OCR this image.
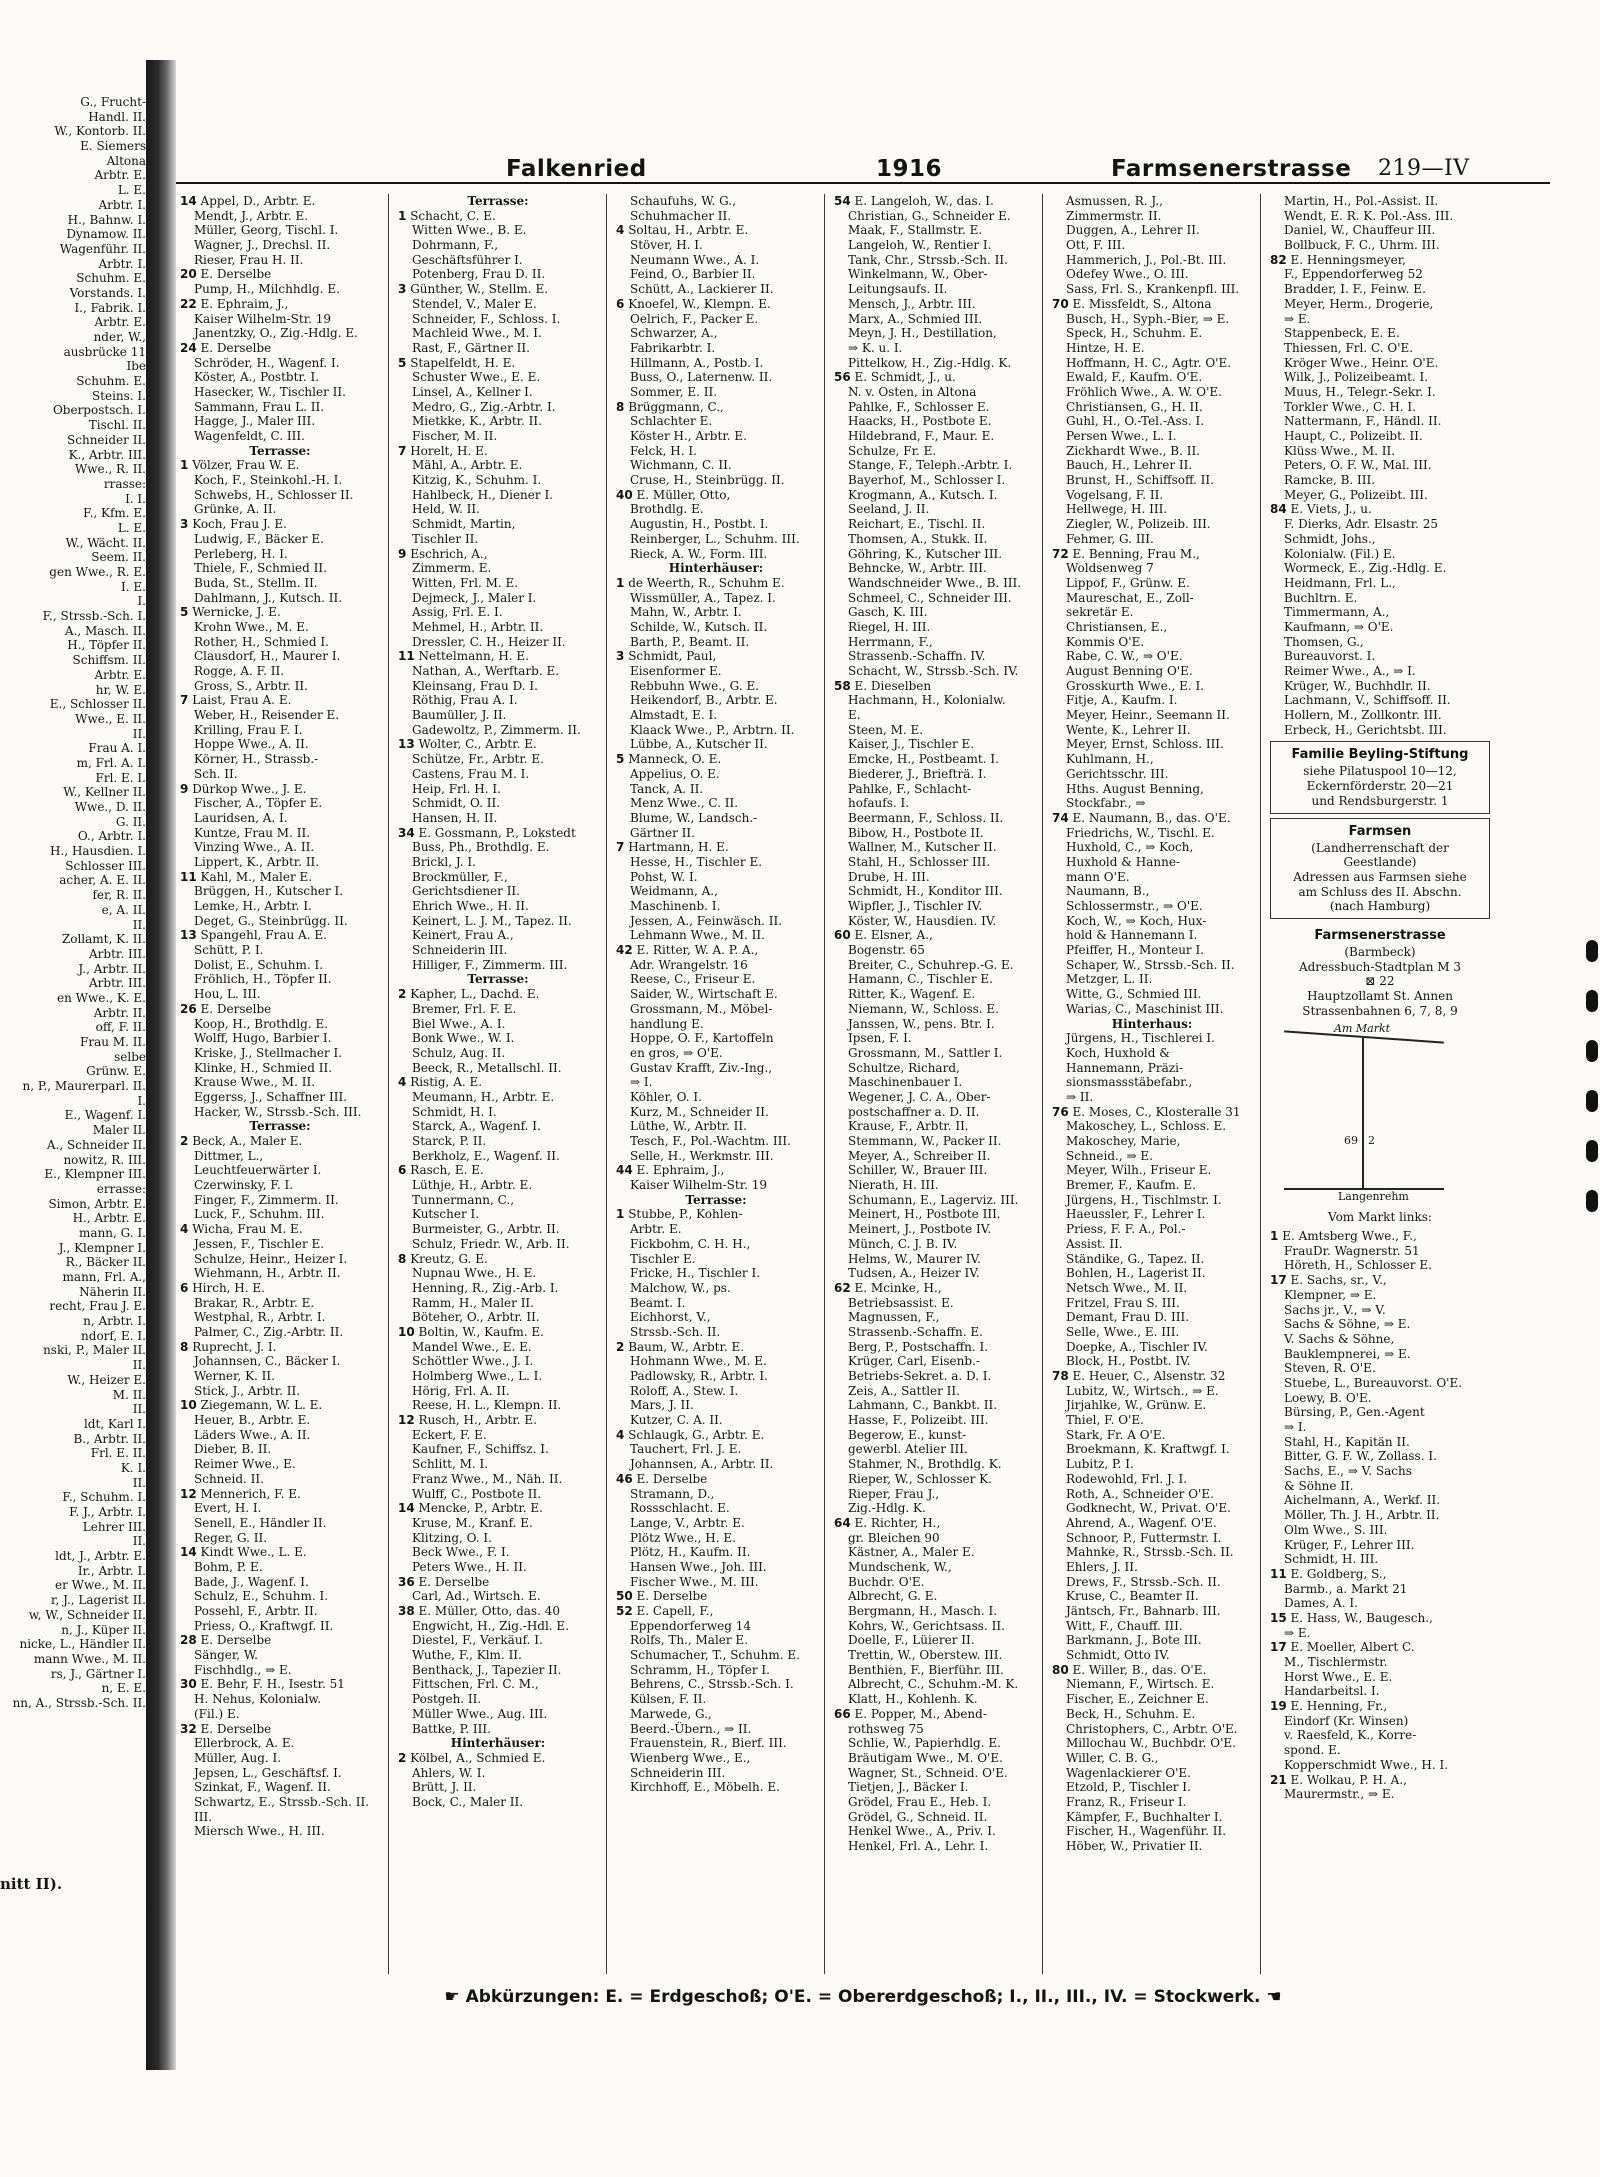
G., Frucht-
Handl. II.
W., Kontorb. II.
E. Siemers
Altona
Arbtr. E.
L. E.
Arbtr. I.
H., Bahnw. I.
Dynamow. II.
Wagenführ. II.
Arbtr. I.
Schuhm. E.
Vorstands. I.
I., Fabrik. I.
Arbtr. E.
nder, W.,
ausbrücke 11
Ibe
Schuhm. E.
Steins. I.
Oberpostsch. I.
Tischl. II.
Schneider II.
K., Arbtr. III.
Wwe., R. II.
rrasse:
I. I.
F., Kfm. E.
L. E.
W., Wächt. II.
Seem. II.
gen Wwe., R. E.
I. E.
I.
F., Strssb.-Sch. I.
A., Masch. II.
H., Töpfer II.
Schiffsm. II.
Arbtr. E.
hr, W. E.
E., Schlosser II.
Wwe., E. II.
II.
Frau A. I.
m, Frl. A. I.
Frl. E. I.
W., Kellner II.
Wwe., D. II.
G. II.
O., Arbtr. I.
H., Hausdien. I.
Schlosser III.
acher, A. E. II.
fer, R. II.
e, A. II.
II.
Zollamt, K. II.
Arbtr. III.
J., Arbtr. II.
Arbtr. III.
en Wwe., K. E.
Arbtr. II.
off, F. II.
Frau M. II.
selbe
Grünw. E.
n, P., Maurerparl. II.
I.
E., Wagenf. I.
Maler II.
A., Schneider II.
nowitz, R. III.
E., Klempner III.
errasse:
Simon, Arbtr. E.
H., Arbtr. E.
mann, G. I.
J., Klempner I.
R., Bäcker II.
mann, Frl. A.,
Näherin II.
recht, Frau J. E.
n, Arbtr. I.
ndorf, E. I.
nski, P., Maler II.
II.
W., Heizer E.
M. II.
II.
ldt, Karl I.
B., Arbtr. II.
Frl. E. II.
K. I.
II.
F., Schuhm. I.
F. J., Arbtr. I.
Lehrer III.
II.
ldt, J., Arbtr. E.
Ir., Arbtr. I.
er Wwe., M. II.
r, J., Lagerist II.
w, W., Schneider II.
n, J., Küper II.
nicke, L., Händler II.
mann Wwe., M. II.
rs, J., Gärtner I.
n, E. E.
nn, A., Strssb.-Sch. II.
nitt II).
Falkenried	1916	Farmsenerstrasse 219—IV
14 Appel, D., Arbtr. E.
Mendt, J., Arbtr. E.
Müller, Georg, Tischl. I.
Wagner, J., Drechsl. II.
Rieser, Frau H. II.
20 E. Derselbe
Pump, H., Milchhdlg. E.
22 E. Ephraim, J.,
Kaiser Wilhelm-Str. 19
Janentzky, O., Zig.-Hdlg. E.
24 E. Derselbe
Schröder, H., Wagenf. I.
Köster, A., Postbtr. I.
Hasecker, W., Tischler II.
Sammann, Frau L. II.
Hagge, J., Maler III.
Wagenfeldt, C. III.
Terrasse:
1 Völzer, Frau W. E.
Koch, F., Steinkohl.-H. I.
Schwebs, H., Schlosser II.
Grünke, A. II.
3 Koch, Frau J. E.
Ludwig, F., Bäcker E.
Perleberg, H. I.
Thiele, F., Schmied II.
Buda, St., Stellm. II.
Dahlmann, J., Kutsch. II.
5 Wernicke, J. E.
Krohn Wwe., M. E.
Rother, H., Schmied I.
Clausdorf, H., Maurer I.
Rogge, A. F. II.
Gross, S., Arbtr. II.
7 Laist, Frau A. E.
Weber, H., Reisender E.
Krilling, Frau F. I.
Hoppe Wwe., A. II.
Körner, H., Strassb.-
Sch. II.
9 Dürkop Wwe., J. E.
Fischer, A., Töpfer E.
Lauridsen, A. I.
Kuntze, Frau M. II.
Vinzing Wwe., A. II.
Lippert, K., Arbtr. II.
11 Kahl, M., Maler E.
Brüggen, H., Kutscher I.
Lemke, H., Arbtr. I.
Deget, G., Steinbrügg. II.
13 Spangehl, Frau A. E.
Schütt, P. I.
Dolist, E., Schuhm. I.
Fröhlich, H., Töpfer II.
Hou, L. III.
26 E. Derselbe
Koop, H., Brothdlg. E.
Wolff, Hugo, Barbier I.
Kriske, J., Stellmacher I.
Klinke, H., Schmied II.
Krause Wwe., M. II.
Eggerss, J., Schaffner III.
Hacker, W., Strssb.-Sch. III.
Terrasse:
2 Beck, A., Maler E.
Dittmer, L.,
Leuchtfeuerwärter I.
Czerwinsky, F. I.
Finger, F., Zimmerm. II.
Luck, F., Schuhm. III.
4 Wicha, Frau M. E.
Jessen, F., Tischler E.
Schulze, Heinr., Heizer I.
Wiehmann, H., Arbtr. II.
6 Hirch, H. E.
Brakar, R., Arbtr. E.
Westphal, R., Arbtr. I.
Palmer, C., Zig.-Arbtr. II.
8 Ruprecht, J. I.
Johannsen, C., Bäcker I.
Werner, K. II.
Stick, J., Arbtr. II.
10 Ziegemann, W. L. E.
Heuer, B., Arbtr. E.
Läders Wwe., A. II.
Dieber, B. II.
Reimer Wwe., E.
Schneid. II.
12 Mennerich, F. E.
Evert, H. I.
Senell, E., Händler II.
Reger, G. II.
14 Kindt Wwe., L. E.
Bohm, P. E.
Bade, J., Wagenf. I.
Schulz, E., Schuhm. I.
Possehl, F., Arbtr. II.
Priess, O., Kraftwgf. II.
28 E. Derselbe
Sänger, W.
Fischhdlg., ⇒ E.
30 E. Behr, F. H., Isestr. 51
H. Nehus, Kolonialw.
(Fil.) E.
32 E. Derselbe
Ellerbrock, A. E.
Müller, Aug. I.
Jepsen, L., Geschäftsf. I.
Szinkat, F., Wagenf. II.
Schwartz, E., Strssb.-Sch. II.
III.
Miersch Wwe., H. III.
Terrasse:
1 Schacht, C. E.
Witten Wwe., B. E.
Dohrmann, F.,
Geschäftsführer I.
Potenberg, Frau D. II.
3 Günther, W., Stellm. E.
Stendel, V., Maler E.
Schneider, F., Schloss. I.
Machleid Wwe., M. I.
Rast, F., Gärtner II.
5 Stapelfeldt, H. E.
Schuster Wwe., E. E.
Linsel, A., Kellner I.
Medro, G., Zig.-Arbtr. I.
Mietkke, K., Arbtr. II.
Fischer, M. II.
7 Horelt, H. E.
Mähl, A., Arbtr. E.
Kitzig, K., Schuhm. I.
Hahlbeck, H., Diener I.
Held, W. II.
Schmidt, Martin,
Tischler II.
9 Eschrich, A.,
Zimmerm. E.
Witten, Frl. M. E.
Dejmeck, J., Maler I.
Assig, Frl. E. I.
Mehmel, H., Arbtr. II.
Dressler, C. H., Heizer II.
11 Nettelmann, H. E.
Nathan, A., Werftarb. E.
Kleinsang, Frau D. I.
Röthig, Frau A. I.
Baumüller, J. II.
Gadewoltz, P., Zimmerm. II.
13 Wolter, C., Arbtr. E.
Schütze, Fr., Arbtr. E.
Castens, Frau M. I.
Heip, Frl. H. I.
Schmidt, O. II.
Hansen, H. II.
34 E. Gossmann, P., Lokstedt
Buss, Ph., Brothdlg. E.
Brickl, J. I.
Brockmüller, F.,
Gerichtsdiener II.
Ehrich Wwe., H. II.
Keinert, L. J. M., Tapez. II.
Keinert, Frau A.,
Schneiderin III.
Hilliger, F., Zimmerm. III.
Terrasse:
2 Kapher, L., Dachd. E.
Bremer, Frl. F. E.
Biel Wwe., A. I.
Bonk Wwe., W. I.
Schulz, Aug. II.
Beeck, R., Metallschl. II.
4 Ristig, A. E.
Meumann, H., Arbtr. E.
Schmidt, H. I.
Starck, A., Wagenf. I.
Starck, P. II.
Berkholz, E., Wagenf. II.
6 Rasch, E. E.
Lüthje, H., Arbtr. E.
Tunnermann, C.,
Kutscher I.
Burmeister, G., Arbtr. II.
Schulz, Friedr. W., Arb. II.
8 Kreutz, G. E.
Nupnau Wwe., H. E.
Henning, R., Zig.-Arb. I.
Ramm, H., Maler II.
Böteher, O., Arbtr. II.
10 Boltin, W., Kaufm. E.
Mandel Wwe., E. E.
Schöttler Wwe., J. I.
Holmberg Wwe., L. I.
Hörig, Frl. A. II.
Reese, H. L., Klempn. II.
12 Rusch, H., Arbtr. E.
Eckert, F. E.
Kaufner, F., Schiffsz. I.
Schlitt, M. I.
Franz Wwe., M., Näh. II.
Wulff, C., Postbote II.
14 Mencke, P., Arbtr. E.
Kruse, M., Kranf. E.
Klitzing, O. I.
Beck Wwe., F. I.
Peters Wwe., H. II.
36 E. Derselbe
Carl, Ad., Wirtsch. E.
38 E. Müller, Otto, das. 40
Engwicht, H., Zig.-Hdl. E.
Diestel, F., Verkäuf. I.
Wuthe, F., Klm. II.
Benthack, J., Tapezier II.
Fittschen, Frl. C. M.,
Postgeh. II.
Müller Wwe., Aug. III.
Battke, P. III.
Hinterhäuser:
2 Kölbel, A., Schmied E.
Ahlers, W. I.
Brütt, J. II.
Bock, C., Maler II.
Schaufuhs, W. G.,
Schuhmacher II.
4 Soltau, H., Arbtr. E.
Stöver, H. I.
Neumann Wwe., A. I.
Feind, O., Barbier II.
Schütt, A., Lackierer II.
6 Knoefel, W., Klempn. E.
Oelrich, F., Packer E.
Schwarzer, A.,
Fabrikarbtr. I.
Hillmann, A., Postb. I.
Buss, O., Laternenw. II.
Sommer, E. II.
8 Brüggmann, C.,
Schlachter E.
Köster H., Arbtr. E.
Felck, H. I.
Wichmann, C. II.
Cruse, H., Steinbrügg. II.
40 E. Müller, Otto,
Brothdlg. E.
Augustin, H., Postbt. I.
Reinberger, L., Schuhm. III.
Rieck, A. W., Form. III.
Hinterhäuser:
1 de Weerth, R., Schuhm E.
Wissmüller, A., Tapez. I.
Mahn, W., Arbtr. I.
Schilde, W., Kutsch. II.
Barth, P., Beamt. II.
3 Schmidt, Paul,
Eisenformer E.
Rebbuhn Wwe., G. E.
Heikendorf, B., Arbtr. E.
Almstadt, E. I.
Klaack Wwe., P., Arbtrn. II.
Lübbe, A., Kutscher II.
5 Manneck, O. E.
Appelius, O. E.
Tanck, A. II.
Menz Wwe., C. II.
Blume, W., Landsch.-
Gärtner II.
7 Hartmann, H. E.
Hesse, H., Tischler E.
Pohst, W. I.
Weidmann, A.,
Maschinenb. I.
Jessen, A., Feinwäsch. II.
Lehmann Wwe., M. II.
42 E. Ritter, W. A. P. A.,
Adr. Wrangelstr. 16
Reese, C., Friseur E.
Saider, W., Wirtschaft E.
Grossmann, M., Möbel-
handlung E.
Hoppe, O. F., Kartoffeln
en gros, ⇒ O'E.
Gustav Krafft, Ziv.-Ing.,
⇒ I.
Köhler, O. I.
Kurz, M., Schneider II.
Lüthe, W., Arbtr. II.
Tesch, F., Pol.-Wachtm. III.
Selle, H., Werkmstr. III.
44 E. Ephraim, J.,
Kaiser Wilhelm-Str. 19
Terrasse:
1 Stubbe, P., Kohlen-
Arbtr. E.
Fickbohm, C. H. H.,
Tischler E.
Fricke, H., Tischler I.
Malchow, W., ps.
Beamt. I.
Eichhorst, V.,
Strssb.-Sch. II.
2 Baum, W., Arbtr. E.
Hohmann Wwe., M. E.
Padlowsky, R., Arbtr. I.
Roloff, A., Stew. I.
Mars, J. II.
Kutzer, C. A. II.
4 Schlaugk, G., Arbtr. E.
Tauchert, Frl. J. E.
Johannsen, A., Arbtr. II.
46 E. Derselbe
Stramann, D.,
Rossschlacht. E.
Lange, V., Arbtr. E.
Plötz Wwe., H. E.
Plötz, H., Kaufm. II.
Hansen Wwe., Joh. III.
Fischer Wwe., M. III.
50 E. Derselbe
52 E. Capell, F.,
Eppendorferweg 14
Rolfs, Th., Maler E.
Schumacher, T., Schuhm. E.
Schramm, H., Töpfer I.
Behrens, C., Strssb.-Sch. I.
Külsen, F. II.
Marwede, G.,
Beerd.-Übern., ⇒ II.
Frauenstein, R., Bierf. III.
Wienberg Wwe., E.,
Schneiderin III.
Kirchhoff, E., Möbelh. E.
54 E. Langeloh, W., das. I.
Christian, G., Schneider E.
Maak, F., Stallmstr. E.
Langeloh, W., Rentier I.
Tank, Chr., Strssb.-Sch. II.
Winkelmann, W., Ober-
Leitungsaufs. II.
Mensch, J., Arbtr. III.
Marx, A., Schmied III.
Meyn, J. H., Destillation,
⇒ K. u. I.
Pittelkow, H., Zig.-Hdlg. K.
56 E. Schmidt, J., u.
N. v. Osten, in Altona
Pahlke, F., Schlosser E.
Haacks, H., Postbote E.
Hildebrand, F., Maur. E.
Schulze, Fr. E.
Stange, F., Teleph.-Arbtr. I.
Bayerhof, M., Schlosser I.
Krogmann, A., Kutsch. I.
Seeland, J. II.
Reichart, E., Tischl. II.
Thomsen, A., Stukk. II.
Göhring, K., Kutscher III.
Behncke, W., Arbtr. III.
Wandschneider Wwe., B. III.
Schmeel, C., Schneider III.
Gasch, K. III.
Riegel, H. III.
Herrmann, F.,
Strassenb.-Schaffn. IV.
Schacht, W., Strssb.-Sch. IV.
58 E. Dieselben
Hachmann, H., Kolonialw.
E.
Steen, M. E.
Kaiser, J., Tischler E.
Emcke, H., Postbeamt. I.
Biederer, J., Briefträ. I.
Pahlke, F., Schlacht-
hofaufs. I.
Beermann, F., Schloss. II.
Bibow, H., Postbote II.
Wallner, M., Kutscher II.
Stahl, H., Schlosser III.
Drube, H. III.
Schmidt, H., Konditor III.
Wipfler, J., Tischler IV.
Köster, W., Hausdien. IV.
60 E. Elsner, A.,
Bogenstr. 65
Breiter, C., Schuhrep.-G. E.
Hamann, C., Tischler E.
Ritter, K., Wagenf. E.
Niemann, W., Schloss. E.
Janssen, W., pens. Btr. I.
Ipsen, F. I.
Grossmann, M., Sattler I.
Schultze, Richard,
Maschinenbauer I.
Wegener, J. C. A., Ober-
postschaffner a. D. II.
Krause, F., Arbtr. II.
Stemmann, W., Packer II.
Meyer, A., Schreiber II.
Schiller, W., Brauer III.
Nierath, H. III.
Schumann, E., Lagerviz. III.
Meinert, H., Postbote III.
Meinert, J., Postbote IV.
Münch, C. J. B. IV.
Helms, W., Maurer IV.
Tudsen, A., Heizer IV.
62 E. Mcinke, H.,
Betriebsassist. E.
Magnussen, F.,
Strassenb.-Schaffn. E.
Berg, P., Postschaffn. I.
Krüger, Carl, Eisenb.-
Betriebs-Sekret. a. D. I.
Zeis, A., Sattler II.
Lahmann, C., Bankbt. II.
Hasse, F., Polizeibt. III.
Begerow, E., kunst-
gewerbl. Atelier III.
Stahmer, N., Brothdlg. K.
Rieper, W., Schlosser K.
Rieper, Frau J.,
Zig.-Hdlg. K.
64 E. Richter, H.,
gr. Bleichen 90
Kästner, A., Maler E.
Mundschenk, W.,
Buchdr. O'E.
Albrecht, G. E.
Bergmann, H., Masch. I.
Kohrs, W., Gerichtsass. II.
Doelle, F., Lüierer II.
Trettin, W., Oberstew. III.
Benthien, F., Bierführ. III.
Albrecht, C., Schuhm.-M. K.
Klatt, H., Kohlenh. K.
66 E. Popper, M., Abend-
rothsweg 75
Schlie, W., Papierhdlg. E.
Bräutigam Wwe., M. O'E.
Wagner, St., Schneid. O'E.
Tietjen, J., Bäcker I.
Grödel, Frau E., Heb. I.
Grödel, G., Schneid. II.
Henkel Wwe., A., Priv. I.
Henkel, Frl. A., Lehr. I.
Asmussen, R. J.,
Zimmermstr. II.
Duggen, A., Lehrer II.
Ott, F. III.
Hammerich, J., Pol.-Bt. III.
Odefey Wwe., O. III.
Sass, Frl. S., Krankenpfl. III.
70 E. Missfeldt, S., Altona
Busch, H., Syph.-Bier, ⇒ E.
Speck, H., Schuhm. E.
Hintze, H. E.
Hoffmann, H. C., Agtr. O'E.
Ewald, F., Kaufm. O'E.
Fröhlich Wwe., A. W. O'E.
Christiansen, G., H. II.
Guhl, H., O.-Tel.-Ass. I.
Persen Wwe., L. I.
Zickhardt Wwe., B. II.
Bauch, H., Lehrer II.
Brunst, H., Schiffsoff. II.
Vogelsang, F. II.
Hellwege, H. III.
Ziegler, W., Polizeib. III.
Fehmer, G. III.
72 E. Benning, Frau M.,
Woldsenweg 7
Lippof, F., Grünw. E.
Maureschat, E., Zoll-
sekretär E.
Christiansen, E.,
Kommis O'E.
Rabe, C. W., ⇒ O'E.
August Benning O'E.
Grosskurth Wwe., E. I.
Fitje, A., Kaufm. I.
Meyer, Heinr., Seemann II.
Wente, K., Lehrer II.
Meyer, Ernst, Schloss. III.
Kuhlmann, H.,
Gerichtsschr. III.
Hths. August Benning,
Stockfabr., ⇒
74 E. Naumann, B., das. O'E.
Friedrichs, W., Tischl. E.
Huxhold, C., ⇒ Koch,
Huxhold & Hanne-
mann O'E.
Naumann, B.,
Schlossermstr., ⇒ O'E.
Koch, W., ⇒ Koch, Hux-
hold & Hannemann I.
Pfeiffer, H., Monteur I.
Schaper, W., Strssb.-Sch. II.
Metzger, L. II.
Witte, G., Schmied III.
Warias, C., Maschinist III.
Hinterhaus:
Jürgens, H., Tischlerei I.
Koch, Huxhold &
Hannemann, Präzi-
sionsmassstäbefabr.,
⇒ II.
76 E. Moses, C., Klosteralle 31
Makoschey, L., Schloss. E.
Makoschey, Marie,
Schneid., ⇒ E.
Meyer, Wilh., Friseur E.
Bremer, F., Kaufm. E.
Jürgens, H., Tischlmstr. I.
Haeussler, F., Lehrer I.
Priess, F. F. A., Pol.-
Assist. II.
Ständike, G., Tapez. II.
Bohlen, H., Lagerist II.
Netsch Wwe., M. II.
Fritzel, Frau S. III.
Demant, Frau D. III.
Selle, Wwe., E. III.
Doepke, A., Tischler IV.
Block, H., Postbt. IV.
78 E. Heuer, C., Alsenstr. 32
Lubitz, W., Wirtsch., ⇒ E.
Jirjahlke, W., Grünw. E.
Thiel, F. O'E.
Stark, Fr. A O'E.
Broekmann, K. Kraftwgf. I.
Lubitz, P. I.
Rodewohld, Frl. J. I.
Roth, A., Schneider O'E.
Godknecht, W., Privat. O'E.
Ahrend, A., Wagenf. O'E.
Schnoor, P., Futtermstr. I.
Mahnke, R., Strssb.-Sch. II.
Ehlers, J. II.
Drews, F., Strssb.-Sch. II.
Kruse, C., Beamter II.
Jäntsch, Fr., Bahnarb. III.
Witt, F., Chauff. III.
Barkmann, J., Bote III.
Schmidt, Otto IV.
80 E. Willer, B., das. O'E.
Niemann, F., Wirtsch. E.
Fischer, E., Zeichner E.
Beck, H., Schuhm. E.
Christophers, C., Arbtr. O'E.
Millochau W., Buchbdr. O'E.
Willer, C. B. G.,
Wagenlackierer O'E.
Etzold, P., Tischler I.
Franz, R., Friseur I.
Kämpfer, F., Buchhalter I.
Fischer, H., Wagenführ. II.
Höber, W., Privatier II.
Martin, H., Pol.-Assist. II.
Wendt, E. R. K. Pol.-Ass. III.
Daniel, W., Chauffeur III.
Bollbuck, F. C., Uhrm. III.
82 E. Henningsmeyer,
F., Eppendorferweg 52
Bradder, I. F., Feinw. E.
Meyer, Herm., Drogerie,
⇒ E.
Stappenbeck, E. E.
Thiessen, Frl. C. O'E.
Kröger Wwe., Heinr. O'E.
Wilk, J., Polizeibeamt. I.
Muus, H., Telegr.-Sekr. I.
Torkler Wwe., C. H. I.
Nattermann, F., Händl. II.
Haupt, C., Polizeibt. II.
Klüss Wwe., M. II.
Peters, O. F. W., Mal. III.
Ramcke, B. III.
Meyer, G., Polizeibt. III.
84 E. Viets, J., u.
F. Dierks, Adr. Elsastr. 25
Schmidt, Johs.,
Kolonialw. (Fil.) E.
Wormeck, E., Zig.-Hdlg. E.
Heidmann, Frl. L.,
Buchltrn. E.
Timmermann, A.,
Kaufmann, ⇒ O'E.
Thomsen, G.,
Bureauvorst. I.
Reimer Wwe., A., ⇒ I.
Krüger, W., Buchhdlr. II.
Lachmann, V., Schiffsoff. II.
Hollern, M., Zollkontr. III.
Erbeck, H., Gerichtsbt. III.
Familie Beyling-Stiftung
siehe Pilatuspool 10—12,
Eckernförderstr. 20—21
und Rendsburgerstr. 1
Farmsen
(Landherrenschaft der
Geestlande)
Adressen aus Farmsen siehe
am Schluss des II. Abschn.
(nach Hamburg)
Farmsenerstrasse
(Barmbeck)
Adressbuch-Stadtplan M 3
⊠ 22
Hauptzollamt St. Annen
Strassenbahnen 6, 7, 8, 9
Am Markt
69 2
Langenrehm
Vom Markt links:
1 E. Amtsberg Wwe., F.,
FrauDr. Wagnerstr. 51
Höreth, H., Schlosser E.
17 E. Sachs, sr., V.,
Klempner, ⇒ E.
Sachs jr., V., ⇒ V.
Sachs & Söhne, ⇒ E.
V. Sachs & Söhne,
Bauklempnerei, ⇒ E.
Steven, R. O'E.
Stuebe, L., Bureauvorst. O'E.
Loewy, B. O'E.
Bürsing, P., Gen.-Agent
⇒ I.
Stahl, H., Kapitän II.
Bitter, G. F. W., Zollass. I.
Sachs, E., ⇒ V. Sachs
& Söhne II.
Aichelmann, A., Werkf. II.
Möller, Th. J. H., Arbtr. II.
Olm Wwe., S. III.
Krüger, F., Lehrer III.
Schmidt, H. III.
11 E. Goldberg, S.,
Barmb., a. Markt 21
Dames, A. I.
15 E. Hass, W., Baugesch.,
⇒ E.
17 E. Moeller, Albert C.
M., Tischlermstr.
Horst Wwe., E. E.
Handarbeitsl. I.
19 E. Henning, Fr.,
Eindorf (Kr. Winsen)
v. Raesfeld, K., Korre-
spond. E.
Kopperschmidt Wwe., H. I.
21 E. Wolkau, P. H. A.,
Maurermstr., ⇒ E.
☛ Abkürzungen: E. = Erdgeschoß; O'E. = Obererdgeschoß; I., II., III., IV. = Stockwerk. ☚
